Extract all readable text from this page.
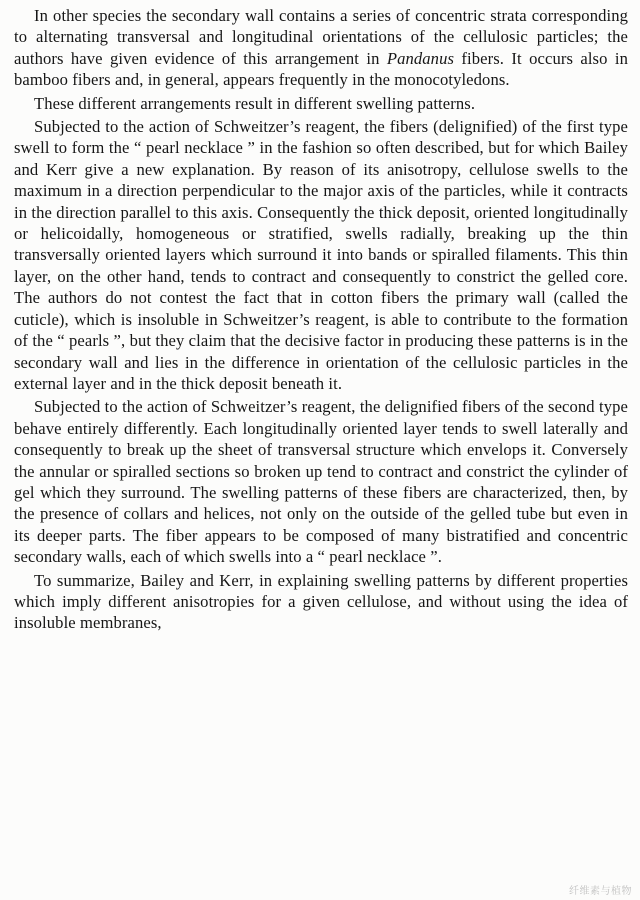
In other species the secondary wall contains a series of concentric strata corresponding to alternating transversal and longitudinal orientations of the cellulosic particles; the authors have given evidence of this arrangement in Pandanus fibers. It occurs also in bamboo fibers and, in general, appears frequently in the monocotyledons.

These different arrangements result in different swelling patterns.

Subjected to the action of Schweitzer’s reagent, the fibers (delignified) of the first type swell to form the “ pearl necklace ” in the fashion so often described, but for which Bailey and Kerr give a new explanation. By reason of its anisotropy, cellulose swells to the maximum in a direction perpendicular to the major axis of the particles, while it contracts in the direction parallel to this axis. Consequently the thick deposit, oriented longitudinally or helicoidally, homogeneous or stratified, swells radially, breaking up the thin transversally oriented layers which surround it into bands or spiralled filaments. This thin layer, on the other hand, tends to contract and consequently to constrict the gelled core. The authors do not contest the fact that in cotton fibers the primary wall (called the cuticle), which is insoluble in Schweitzer’s reagent, is able to contribute to the formation of the “ pearls ”, but they claim that the decisive factor in producing these patterns is in the secondary wall and lies in the difference in orientation of the cellulosic particles in the external layer and in the thick deposit beneath it.

Subjected to the action of Schweitzer’s reagent, the delignified fibers of the second type behave entirely differently. Each longitudinally oriented layer tends to swell laterally and consequently to break up the sheet of transversal structure which envelops it. Conversely the annular or spiralled sections so broken up tend to contract and constrict the cylinder of gel which they surround. The swelling patterns of these fibers are characterized, then, by the presence of collars and helices, not only on the outside of the gelled tube but even in its deeper parts. The fiber appears to be composed of many bistratified and concentric secondary walls, each of which swells into a “ pearl necklace ”.

To summarize, Bailey and Kerr, in explaining swelling patterns by different properties which imply different anisotropies for a given cellulose, and without using the idea of insoluble membranes,

纤维素与植物
